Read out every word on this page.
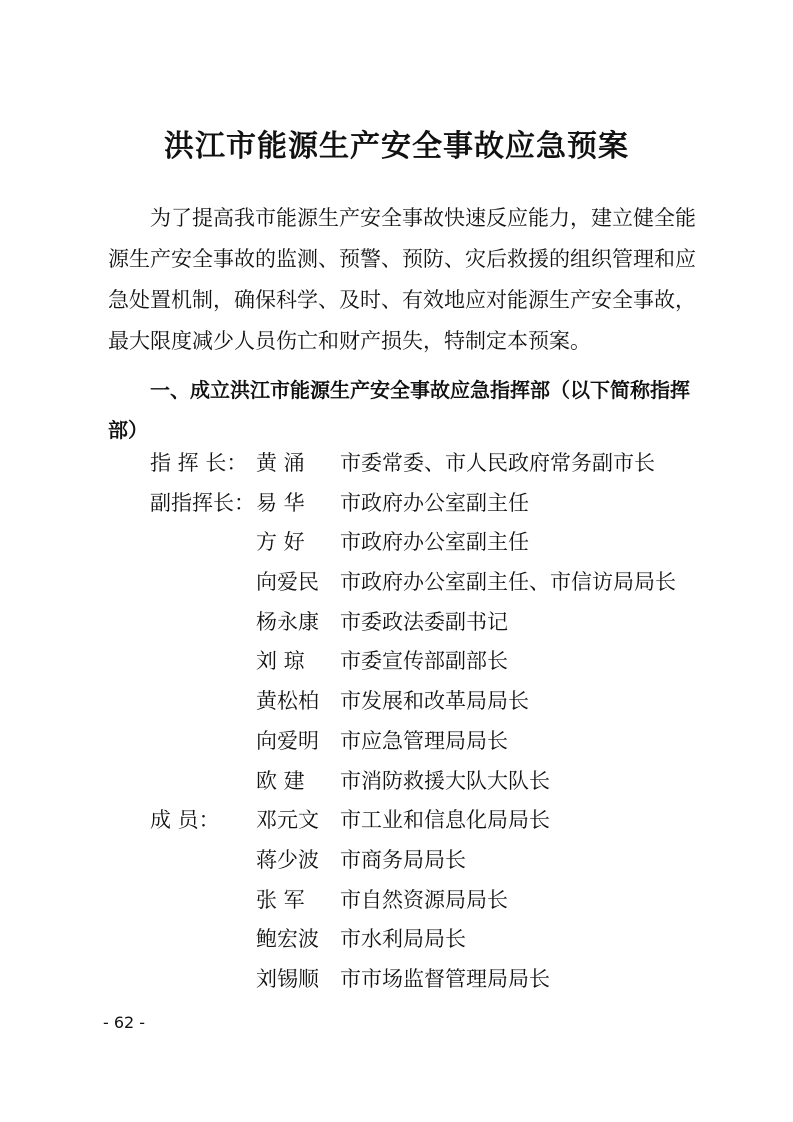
洪江市能源生产安全事故应急预案

为了提高我市能源生产安全事故快速反应能力，建立健全能源生产安全事故的监测、预警、预防、灾后救援的组织管理和应急处置机制，确保科学、及时、有效地应对能源生产安全事故，最大限度减少人员伤亡和财产损失，特制定本预案。

一、成立洪江市能源生产安全事故应急指挥部（以下简称指挥部）

指 挥 长： 黄 涌	市委常委、市人民政府常务副市长
副指挥长： 易 华	市政府办公室副主任
方 好	市政府办公室副主任
向爱民	市政府办公室副主任、市信访局局长
杨永康	市委政法委副书记
刘 琼	市委宣传部副部长
黄松柏	市发展和改革局局长
向爱明	市应急管理局局长
欧 建	市消防救援大队大队长
成 员：	邓元文	市工业和信息化局局长
蒋少波	市商务局局长
张 军	市自然资源局局长
鲍宏波	市水利局局长
刘锡顺	市市场监督管理局局长
- 62 -
